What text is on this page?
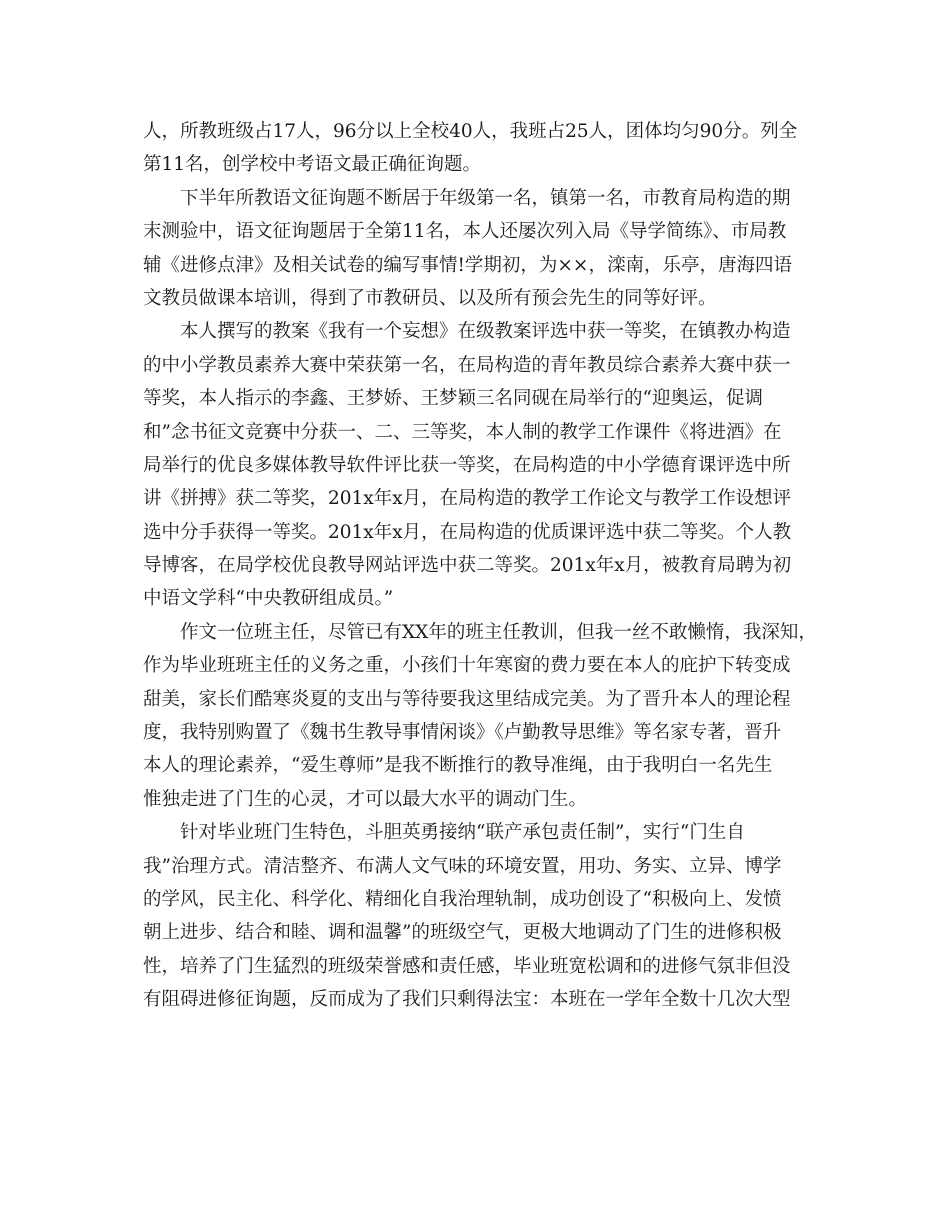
人，所教班级占17人，96分以上全校40人，我班占25人，团体均匀90分。列全
第11名，创学校中考语文最正确征询题。
下半年所教语文征询题不断居于年级第一名，镇第一名，市教育局构造的期
末测验中，语文征询题居于全第11名，本人还屡次列入局《导学简练》、市局教
辅《进修点津》及相关试卷的编写事情!学期初，为××，滦南，乐亭，唐海四语
文教员做课本培训，得到了市教研员、以及所有预会先生的同等好评。
本人撰写的教案《我有一个妄想》在级教案评选中获一等奖，在镇教办构造
的中小学教员素养大赛中荣获第一名，在局构造的青年教员综合素养大赛中获一
等奖，本人指示的李鑫、王梦娇、王梦颖三名同砚在局举行的“迎奥运，促调
和”念书征文竞赛中分获一、二、三等奖，本人制的教学工作课件《将进酒》在
局举行的优良多媒体教导软件评比获一等奖，在局构造的中小学德育课评选中所
讲《拼搏》获二等奖，201x年x月，在局构造的教学工作论文与教学工作设想评
选中分手获得一等奖。201x年x月，在局构造的优质课评选中获二等奖。个人教
导博客，在局学校优良教导网站评选中获二等奖。201x年x月，被教育局聘为初
中语文学科“中央教研组成员。”
作文一位班主任，尽管已有XX年的班主任教训，但我一丝不敢懒惰，我深知，
作为毕业班班主任的义务之重，小孩们十年寒窗的费力要在本人的庇护下转变成
甜美，家长们酷寒炎夏的支出与等待要我这里结成完美。为了晋升本人的理论程
度，我特别购置了《魏书生教导事情闲谈》《卢勤教导思维》等名家专著，晋升
本人的理论素养，“爱生尊师”是我不断推行的教导准绳，由于我明白一名先生
惟独走进了门生的心灵，才可以最大水平的调动门生。
针对毕业班门生特色，斗胆英勇接纳“联产承包责任制”，实行“门生自
我”治理方式。清洁整齐、布满人文气味的环境安置，用功、务实、立异、博学
的学风，民主化、科学化、精细化自我治理轨制，成功创设了“积极向上、发愤
朝上进步、结合和睦、调和温馨”的班级空气，更极大地调动了门生的进修积极
性，培养了门生猛烈的班级荣誉感和责任感，毕业班宽松调和的进修气氛非但没
有阻碍进修征询题，反而成为了我们只剩得法宝：本班在一学年全数十几次大型
